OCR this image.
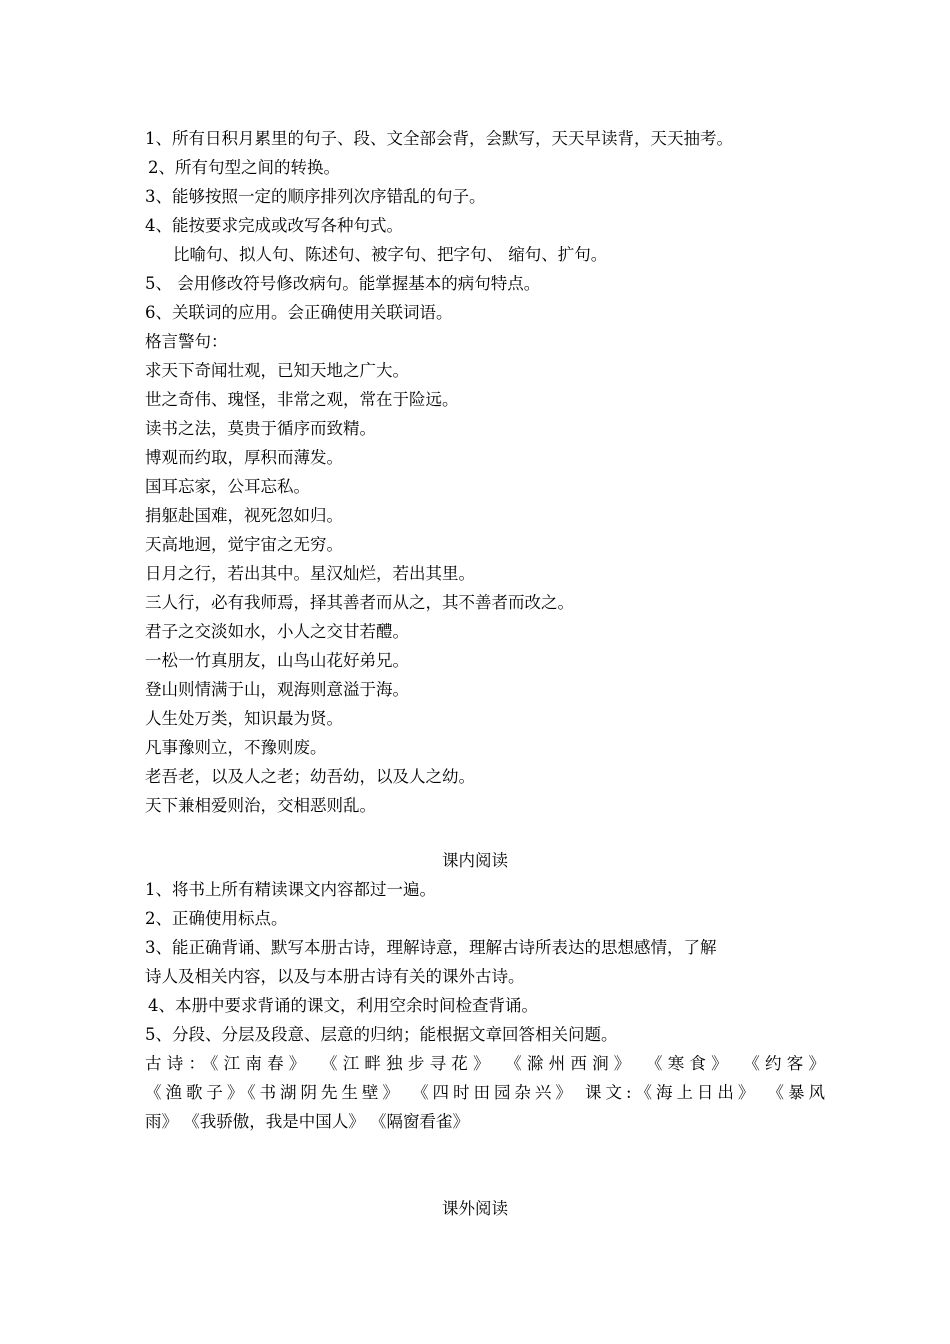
1、所有日积月累里的句子、段、文全部会背，会默写，天天早读背，天天抽考。
2、所有句型之间的转换。
3、能够按照一定的顺序排列次序错乱的句子。
4、能按要求完成或改写各种句式。
比喻句、拟人句、陈述句、被字句、把字句、 缩句、扩句。
5、 会用修改符号修改病句。能掌握基本的病句特点。
6、关联词的应用。会正确使用关联词语。
格言警句：
求天下奇闻壮观，已知天地之广大。
世之奇伟、瑰怪，非常之观，常在于险远。
读书之法，莫贵于循序而致精。
博观而约取，厚积而薄发。
国耳忘家，公耳忘私。
捐躯赴国难，视死忽如归。
天高地迥，觉宇宙之无穷。
日月之行，若出其中。星汉灿烂，若出其里。
三人行，必有我师焉，择其善者而从之，其不善者而改之。
君子之交淡如水，小人之交甘若醴。
一松一竹真朋友，山鸟山花好弟兄。
登山则情满于山，观海则意溢于海。
人生处万类，知识最为贤。
凡事豫则立，不豫则废。
老吾老，以及人之老；幼吾幼，以及人之幼。
天下兼相爱则治，交相恶则乱。
课内阅读
1、将书上所有精读课文内容都过一遍。
2、正确使用标点。
3、能正确背诵、默写本册古诗，理解诗意，理解古诗所表达的思想感情，了解
诗人及相关内容，以及与本册古诗有关的课外古诗。
4、本册中要求背诵的课文，利用空余时间检查背诵。
5、分段、分层及段意、层意的归纳；能根据文章回答相关问题。
古诗：《江南春》 《江畔独步寻花》 《滁州西涧》 《寒食》 《约客》
《渔歌子》《书湖阴先生壁》 《四时田园杂兴》 课文:《海上日出》 《暴风
雨》 《我骄傲，我是中国人》 《隔窗看雀》
课外阅读
